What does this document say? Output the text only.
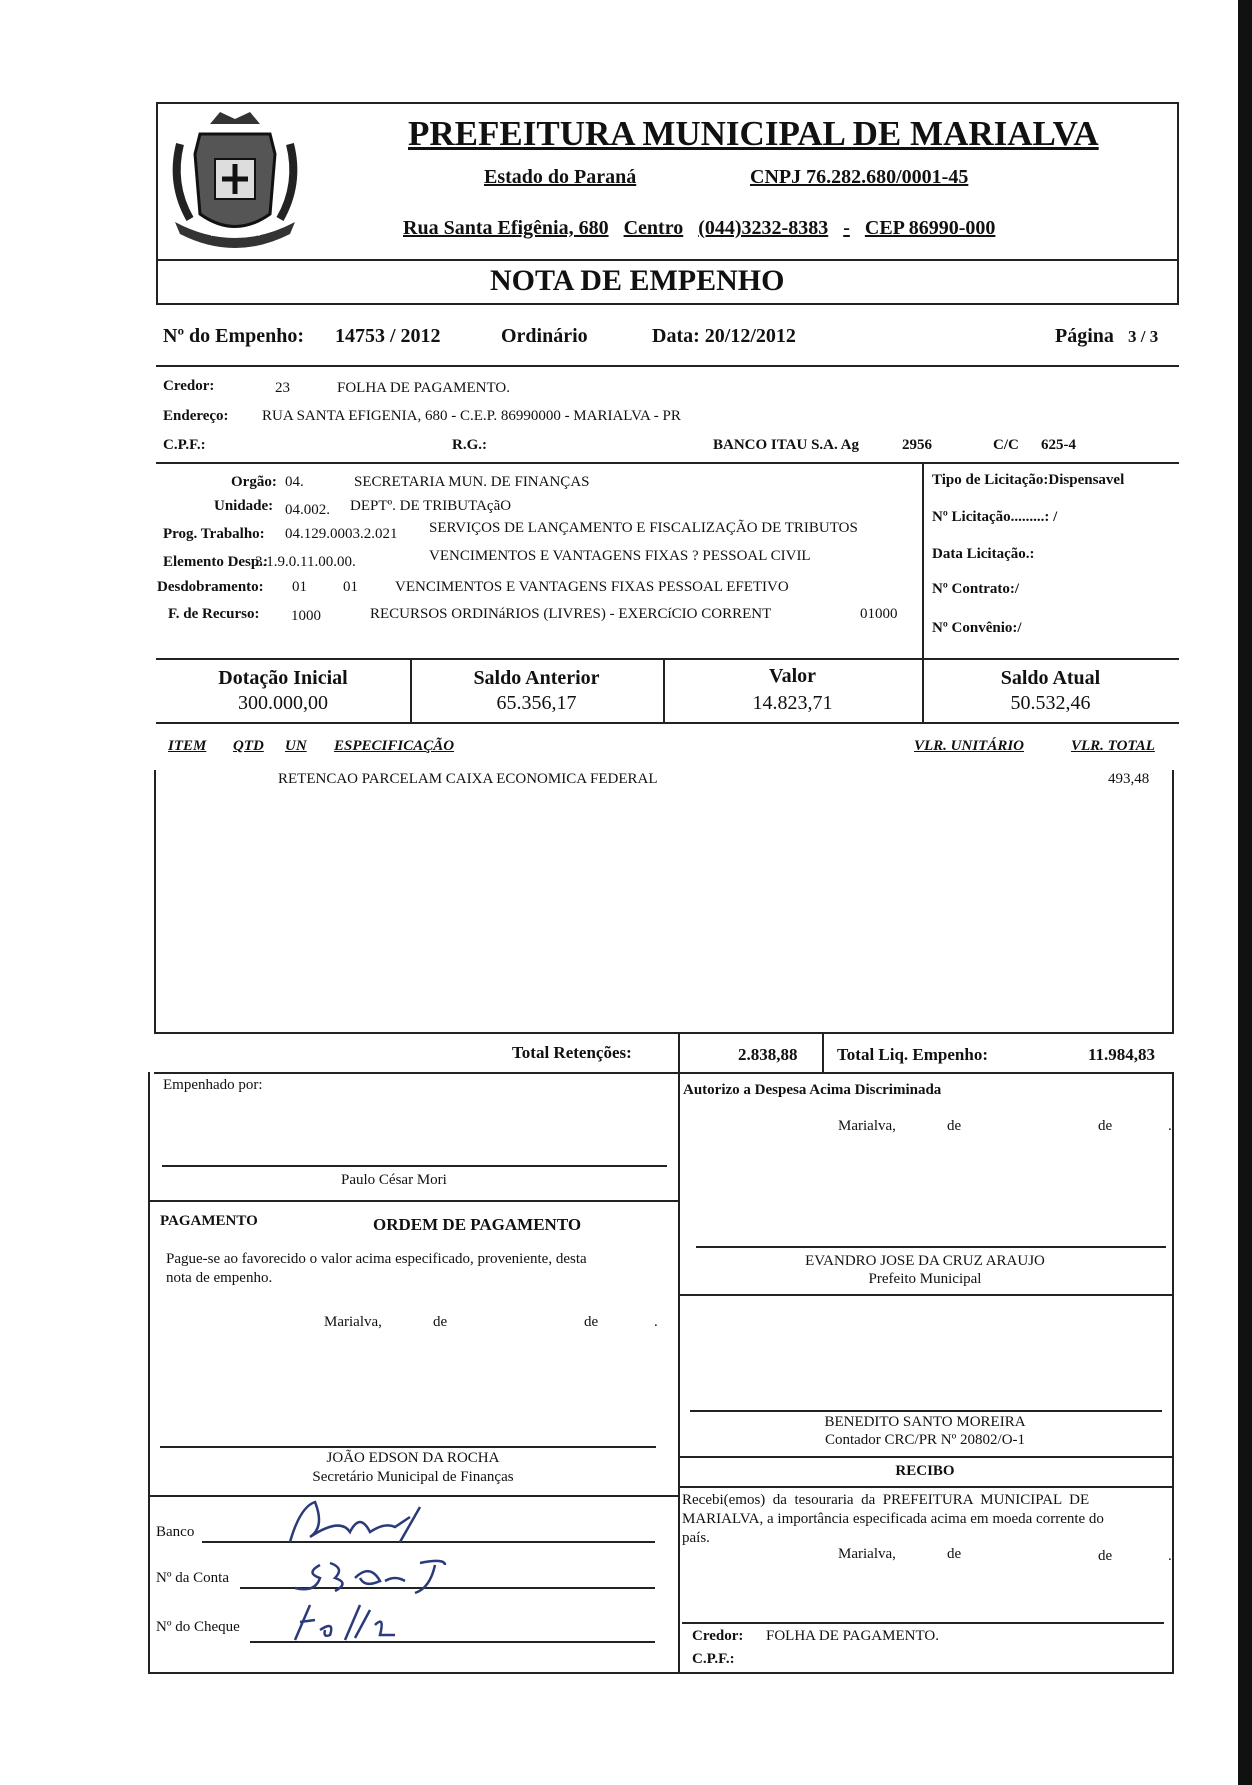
MARIALVA
PREFEITURA MUNICIPAL DE MARIALVA
Estado do Paraná	CNPJ 76.282.680/0001-45
Rua Santa Efigênia, 680 Centro (044)3232-8383 - CEP 86990-000
NOTA DE EMPENHO
Nº do Empenho: 14753 / 2012	Ordinário	Data: 20/12/2012	Página 3 / 3
Credor:	23	FOLHA DE PAGAMENTO.
Endereço: RUA SANTA EFIGENIA, 680 - C.E.P. 86990000 - MARIALVA - PR
C.P.F.:	R.G.:	BANCO ITAU S.A. Ag	2956	C/C 625-4
Orgão: 04.	SECRETARIA MUN. DE FINANÇAS
Unidade: 04.002. DEPTº. DE TRIBUTAçãO
Prog. Trabalho: 04.129.0003.2.021 SERVIÇOS DE LANÇAMENTO E FISCALIZAÇÃO DE TRIBUTOS
Elemento Desp.:
3.1.9.0.11.00.00.	VENCIMENTOS E VANTAGENS FIXAS ? PESSOAL CIVIL
Desdobramento: 01 01 VENCIMENTOS E VANTAGENS FIXAS PESSOAL EFETIVO
F. de Recurso: 1000	RECURSOS ORDINáRIOS (LIVRES) - EXERCíCIO CORRENT	01000
Tipo de Licitação:Dispensavel
Nº Licitação.........: /
Data Licitação.:
Nº Contrato:/
Nº Convênio:/
Dotação Inicial
300.000,00
Saldo Anterior
65.356,17
Valor
14.823,71
Saldo Atual
50.532,46
ITEM QTD UN ESPECIFICAÇÃO	VLR. UNITÁRIO	VLR. TOTAL
RETENCAO PARCELAM CAIXA ECONOMICA FEDERAL	493,48
Total Retenções:	2.838,88 Total Liq. Empenho:	11.984,83
Empenhado por:
Paulo César Mori
Autorizo a Despesa Acima Discriminada
Marialva,	de	de	.
EVANDRO JOSE DA CRUZ ARAUJO
Prefeito Municipal
PAGAMENTO	ORDEM DE PAGAMENTO
Pague-se ao favorecido o valor acima especificado, proveniente, desta
nota de empenho.
Marialva,	de	de	.
JOÃO EDSON DA ROCHA
Secretário Municipal de Finanças
BENEDITO SANTO MOREIRA
Contador CRC/PR Nº 20802/O-1
RECIBO
Recebi(emos)  da  tesouraria  da  PREFEITURA  MUNICIPAL  DE
MARIALVA, a importância especificada acima em moeda corrente do
país.
Marialva,	de	de	.
Credor: FOLHA DE PAGAMENTO.
C.P.F.:
Banco
Nº da Conta
Nº do Cheque
